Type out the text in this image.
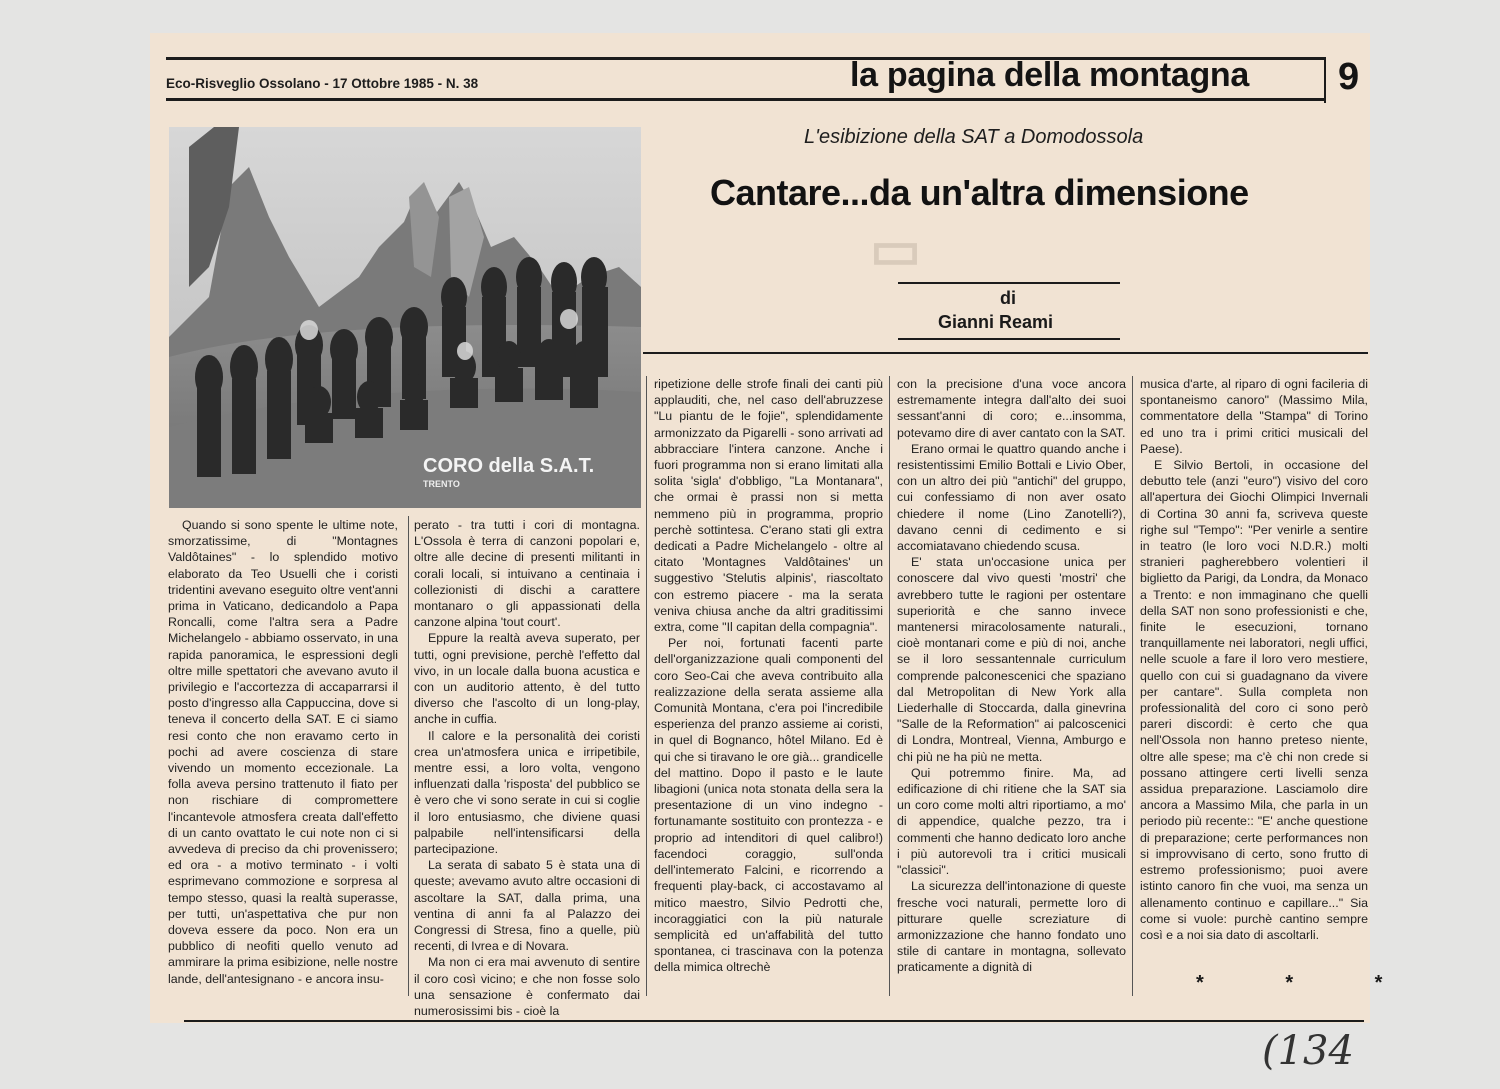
▭
Eco-Risveglio Ossolano - 17 Ottobre 1985 - N. 38	la pagina della montagna 9
CORO della S.A.T.
TRENTO
L'esibizione della SAT a Domodossola
Cantare...da un'altra dimensione
di
Gianni Reami

Quando si sono spente le ultime note, smorzatissime, di "Montagnes Valdôtaines" - lo splendido motivo elaborato da Teo Usuelli che i coristi tridentini avevano eseguito oltre vent'anni prima in Vaticano, dedicandolo a Papa Roncalli, come l'altra sera a Padre Michelangelo - abbiamo osservato, in una rapida panoramica, le espressioni degli oltre mille spettatori che avevano avuto il privilegio e l'accortezza di accaparrarsi il posto d'ingresso alla Cappuccina, dove si teneva il concerto della SAT. E ci siamo resi conto che non eravamo certo in pochi ad avere coscienza di stare vivendo un momento eccezionale. La folla aveva persino trattenuto il fiato per non rischiare di compromettere l'incantevole atmosfera creata dall'effetto di un canto ovattato le cui note non ci si avvedeva di preciso da chi provenissero; ed ora - a motivo terminato - i volti esprimevano commozione e sorpresa al tempo stesso, quasi la realtà superasse, per tutti, un'aspettativa che pur non doveva essere da poco. Non era un pubblico di neofiti quello venuto ad ammirare la prima esibizione, nelle nostre lande, dell'antesignano - e ancora insu-

perato - tra tutti i cori di montagna. L'Ossola è terra di canzoni popolari e, oltre alle decine di presenti militanti in corali locali, si intuivano a centinaia i collezionisti di dischi a carattere montanaro o gli appassionati della canzone alpina 'tout court'.

Eppure la realtà aveva superato, per tutti, ogni previsione, perchè l'effetto dal vivo, in un locale dalla buona acustica e con un auditorio attento, è del tutto diverso che l'ascolto di un long-play, anche in cuffia.

Il calore e la personalità dei coristi crea un'atmosfera unica e irripetibile, mentre essi, a loro volta, vengono influenzati dalla 'risposta' del pubblico se è vero che vi sono serate in cui si coglie il loro entusiasmo, che diviene quasi palpabile nell'intensificarsi della partecipazione.

La serata di sabato 5 è stata una di queste; avevamo avuto altre occasioni di ascoltare la SAT, dalla prima, una ventina di anni fa al Palazzo dei Congressi di Stresa, fino a quelle, più recenti, di Ivrea e di Novara.

Ma non ci era mai avvenuto di sentire il coro così vicino; e che non fosse solo una sensazione è confermato dai numerosissimi bis - cioè la

ripetizione delle strofe finali dei canti più applauditi, che, nel caso dell'abruzzese "Lu piantu de le fojie", splendidamente armonizzato da Pigarelli - sono arrivati ad abbracciare l'intera canzone. Anche i fuori programma non si erano limitati alla solita 'sigla' d'obbligo, "La Montanara", che ormai è prassi non si metta nemmeno più in programma, proprio perchè sottintesa. C'erano stati gli extra dedicati a Padre Michelangelo - oltre al citato 'Montagnes Valdôtaines' un suggestivo 'Stelutis alpinis', riascoltato con estremo piacere - ma la serata veniva chiusa anche da altri graditissimi extra, come "Il capitan della compagnia".

Per noi, fortunati facenti parte dell'organizzazione quali componenti del coro Seo-Cai che aveva contribuito alla realizzazione della serata assieme alla Comunità Montana, c'era poi l'incredibile esperienza del pranzo assieme ai coristi, in quel di Bognanco, hôtel Milano. Ed è qui che si tiravano le ore già... grandicelle del mattino. Dopo il pasto e le laute libagioni (unica nota stonata della sera la presentazione di un vino indegno - fortunamante sostituito con prontezza - e proprio ad intenditori di quel calibro!) facendoci coraggio, sull'onda dell'intemerato Falcini, e ricorrendo a frequenti play-back, ci accostavamo al mitico maestro, Silvio Pedrotti che, incoraggiatici con la più naturale semplicità ed un'affabilità del tutto spontanea, ci trascinava con la potenza della mimica oltrechè

con la precisione d'una voce ancora estremamente integra dall'alto dei suoi sessant'anni di coro; e...insomma, potevamo dire di aver cantato con la SAT.

Erano ormai le quattro quando anche i resistentissimi Emilio Bottali e Livio Ober, con un altro dei più "antichi" del gruppo, cui confessiamo di non aver osato chiedere il nome (Lino Zanotelli?), davano cenni di cedimento e si accomiatavano chiedendo scusa.

E' stata un'occasione unica per conoscere dal vivo questi 'mostri' che avrebbero tutte le ragioni per ostentare superiorità e che sanno invece mantenersi miracolosamente naturali., cioè montanari come e più di noi, anche se il loro sessantennale curriculum comprende palconescenici che spaziano dal Metropolitan di New York alla Liederhalle di Stoccarda, dalla ginevrina "Salle de la Reformation" ai palcoscenici di Londra, Montreal, Vienna, Amburgo e chi più ne ha più ne metta.

Qui potremmo finire. Ma, ad edificazione di chi ritiene che la SAT sia un coro come molti altri riportiamo, a mo' di appendice, qualche pezzo, tra i commenti che hanno dedicato loro anche i più autorevoli tra i critici musicali "classici".

La sicurezza dell'intonazione di queste fresche voci naturali, permette loro di pitturare quelle screziature di armonizzazione che hanno fondato uno stile di cantare in montagna, sollevato praticamente a dignità di

musica d'arte, al riparo di ogni facileria di spontaneismo canoro" (Massimo Mila, commentatore della "Stampa" di Torino ed uno tra i primi critici musicali del Paese).

E Silvio Bertoli, in occasione del debutto tele (anzi "euro") visivo del coro all'apertura dei Giochi Olimpici Invernali di Cortina 30 anni fa, scriveva queste righe sul "Tempo": "Per venirle a sentire in teatro (le loro voci N.D.R.) molti stranieri pagherebbero volentieri il biglietto da Parigi, da Londra, da Monaco a Trento: e non immaginano che quelli della SAT non sono professionisti e che, finite le esecuzioni, tornano tranquillamente nei laboratori, negli uffici, nelle scuole a fare il loro vero mestiere, quello con cui si guadagnano da vivere per cantare". Sulla completa non professionalità del coro ci sono però pareri discordi: è certo che qua nell'Ossola non hanno preteso niente, oltre alle spese; ma c'è chi non crede si possano attingere certi livelli senza assidua preparazione. Lasciamolo dire ancora a Massimo Mila, che parla in un periodo più recente:: "E' anche questione di preparazione; certe performances non si improvvisano di certo, sono frutto di estremo professionismo; puoi avere istinto canoro fin che vuoi, ma senza un allenamento continuo e capillare..." Sia come si vuole: purchè cantino sempre così e a noi sia dato di ascoltarli.

* * *
(134
